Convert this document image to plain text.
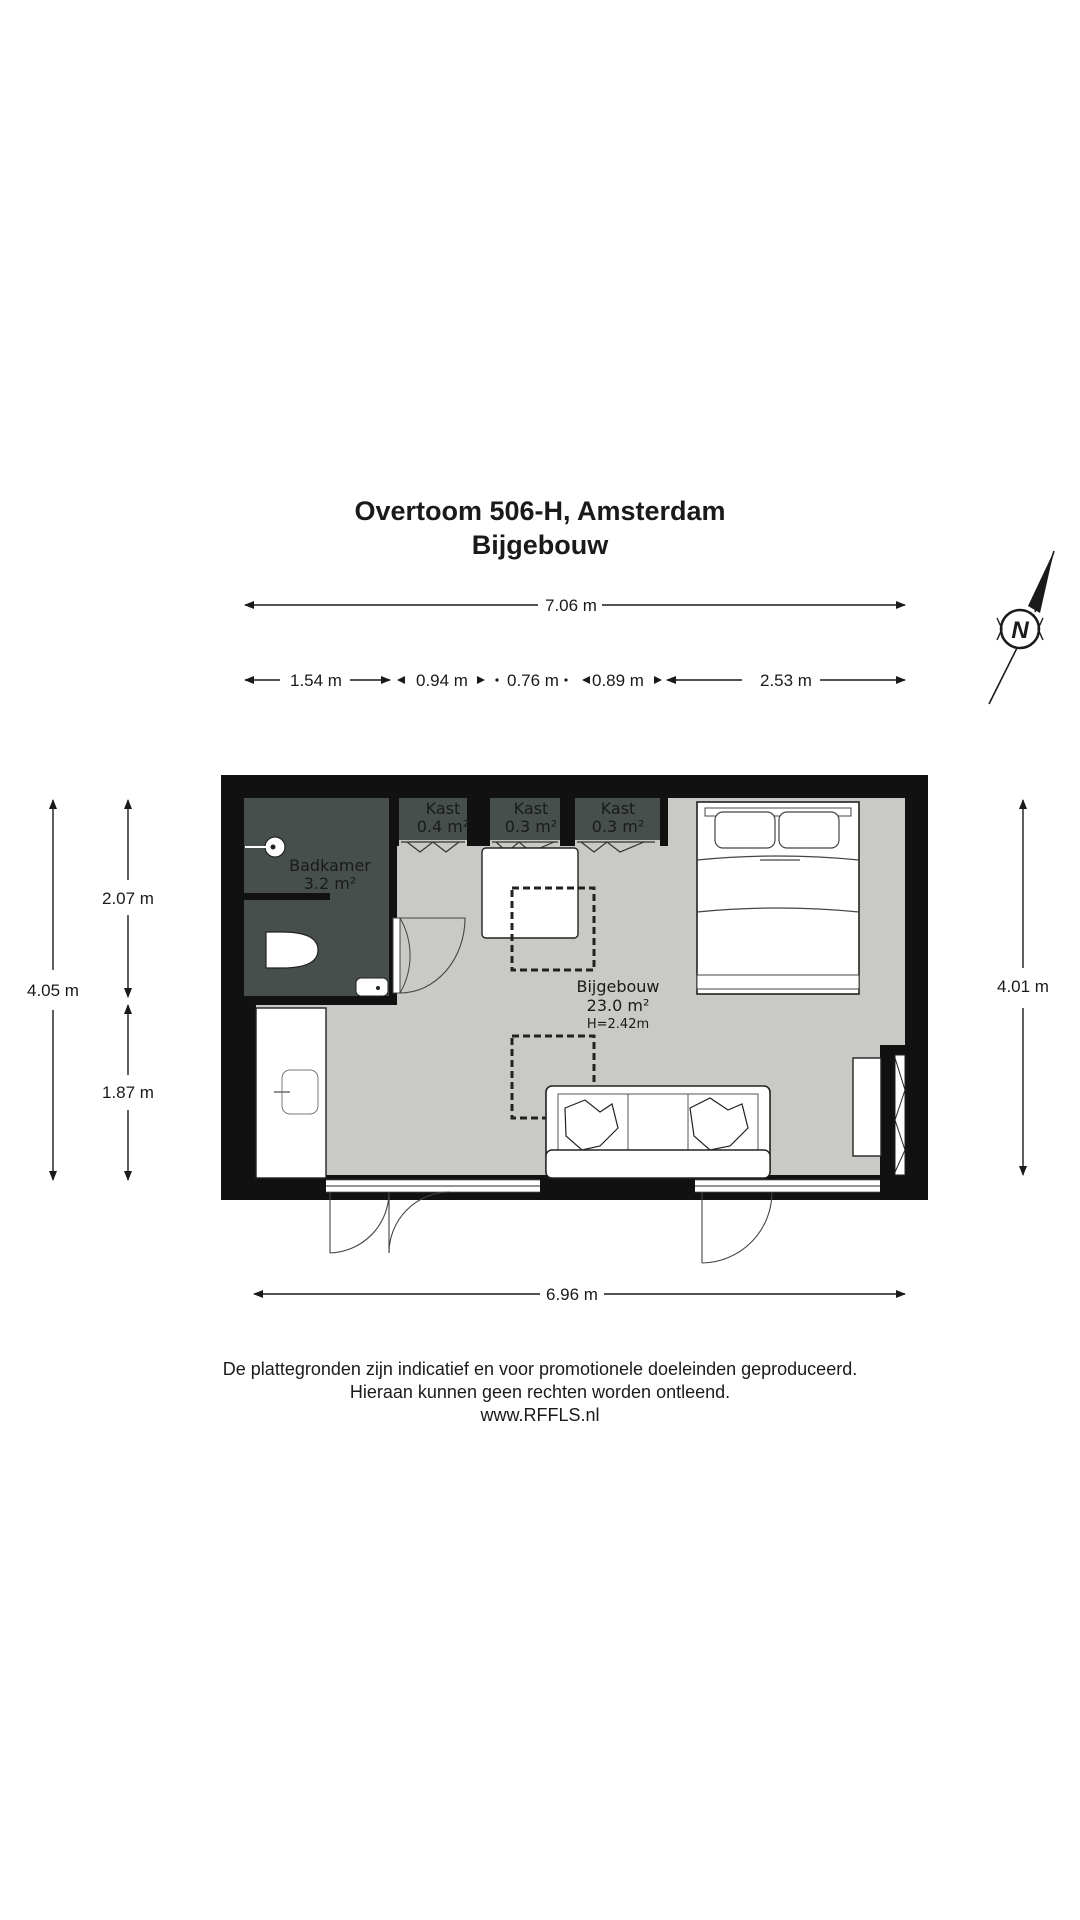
Overtoom 506-H, Amsterdam
Bijgebouw
7.06 m
1.54 m	0.94 m 0.76 m 0.89 m	2.53 m
4.05 m
2.07 m
1.87 m
4.01 m
6.96 m
N
Badkamer
3.2 m²
Kast
0.4 m²
Kast
0.3 m²
Kast
0.3 m²
Bijgebouw
23.0 m²
H=2.42m
De plattegronden zijn indicatief en voor promotionele doeleinden geproduceerd.
Hieraan kunnen geen rechten worden ontleend.
www.RFFLS.nl
